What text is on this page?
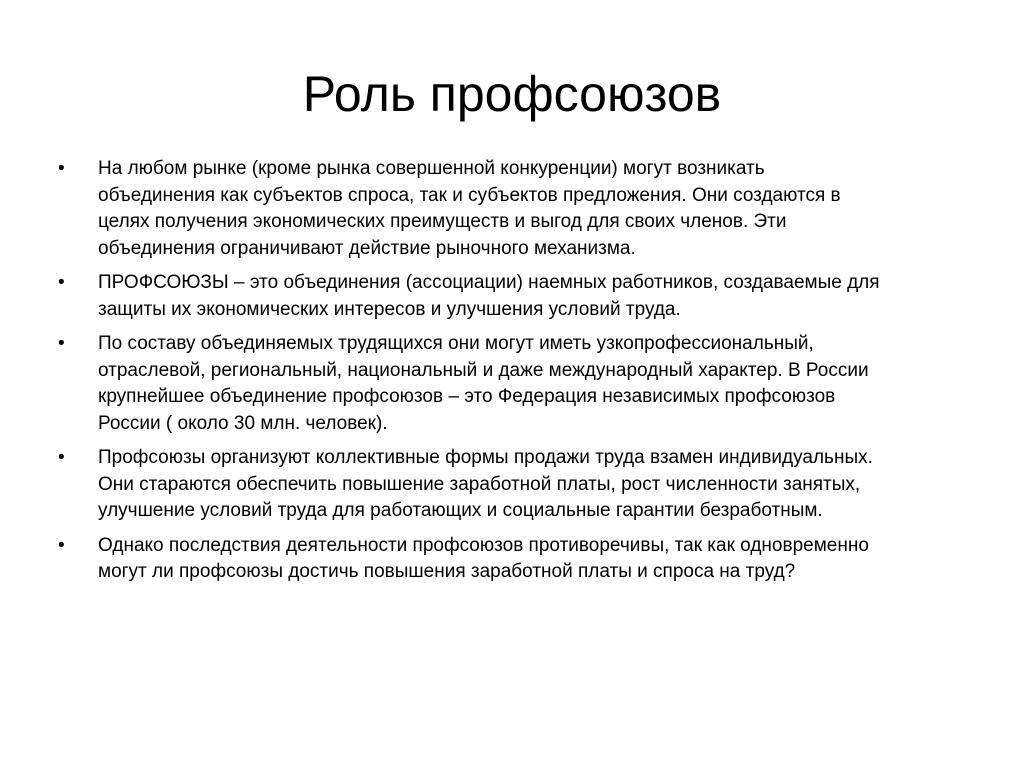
Роль профсоюзов
•	На любом рынке (кроме рынка совершенной конкуренции) могут возникать
объединения как субъектов спроса, так и субъектов предложения. Они создаются в
целях получения экономических преимуществ и выгод для своих членов. Эти
объединения ограничивают действие рыночного механизма.
•	ПРОФСОЮЗЫ – это объединения (ассоциации) наемных работников, создаваемые для
защиты их экономических интересов и улучшения условий труда.
•	По составу объединяемых трудящихся они могут иметь узкопрофессиональный,
отраслевой, региональный, национальный и даже международный характер. В России
крупнейшее объединение профсоюзов – это Федерация независимых профсоюзов
России ( около 30 млн. человек).
•	Профсоюзы организуют коллективные формы продажи труда взамен индивидуальных.
Они стараются обеспечить повышение заработной платы, рост численности занятых,
улучшение условий труда для работающих и социальные гарантии безработным.
•	Однако последствия деятельности профсоюзов противоречивы, так как одновременно
могут ли профсоюзы достичь повышения заработной платы и спроса на труд?
